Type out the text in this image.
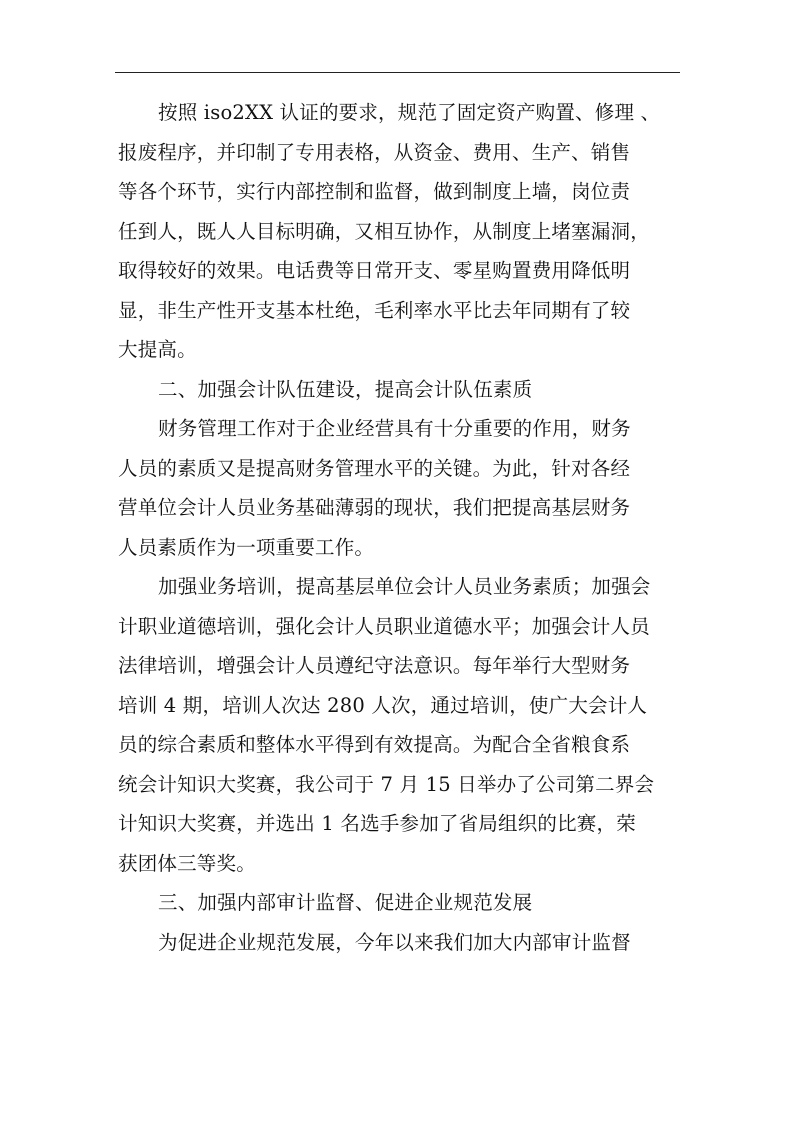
按照 iso2XX 认证的要求，规范了固定资产购置、修理 、
报废程序，并印制了专用表格，从资金、费用、生产、销售
等各个环节，实行内部控制和监督，做到制度上墙，岗位责
任到人，既人人目标明确，又相互协作，从制度上堵塞漏洞，
取得较好的效果。电话费等日常开支、零星购置费用降低明
显，非生产性开支基本杜绝，毛利率水平比去年同期有了较
大提高。
二、加强会计队伍建设，提高会计队伍素质
财务管理工作对于企业经营具有十分重要的作用，财务
人员的素质又是提高财务管理水平的关键。为此，针对各经
营单位会计人员业务基础薄弱的现状，我们把提高基层财务
人员素质作为一项重要工作。
加强业务培训，提高基层单位会计人员业务素质；加强会
计职业道德培训，强化会计人员职业道德水平；加强会计人员
法律培训，增强会计人员遵纪守法意识。每年举行大型财务
培训 4 期，培训人次达 280 人次，通过培训，使广大会计人
员的综合素质和整体水平得到有效提高。为配合全省粮食系
统会计知识大奖赛，我公司于 7 月 15 日举办了公司第二界会
计知识大奖赛，并选出 1 名选手参加了省局组织的比赛，荣
获团体三等奖。
三、加强内部审计监督、促进企业规范发展
为促进企业规范发展，今年以来我们加大内部审计监督
